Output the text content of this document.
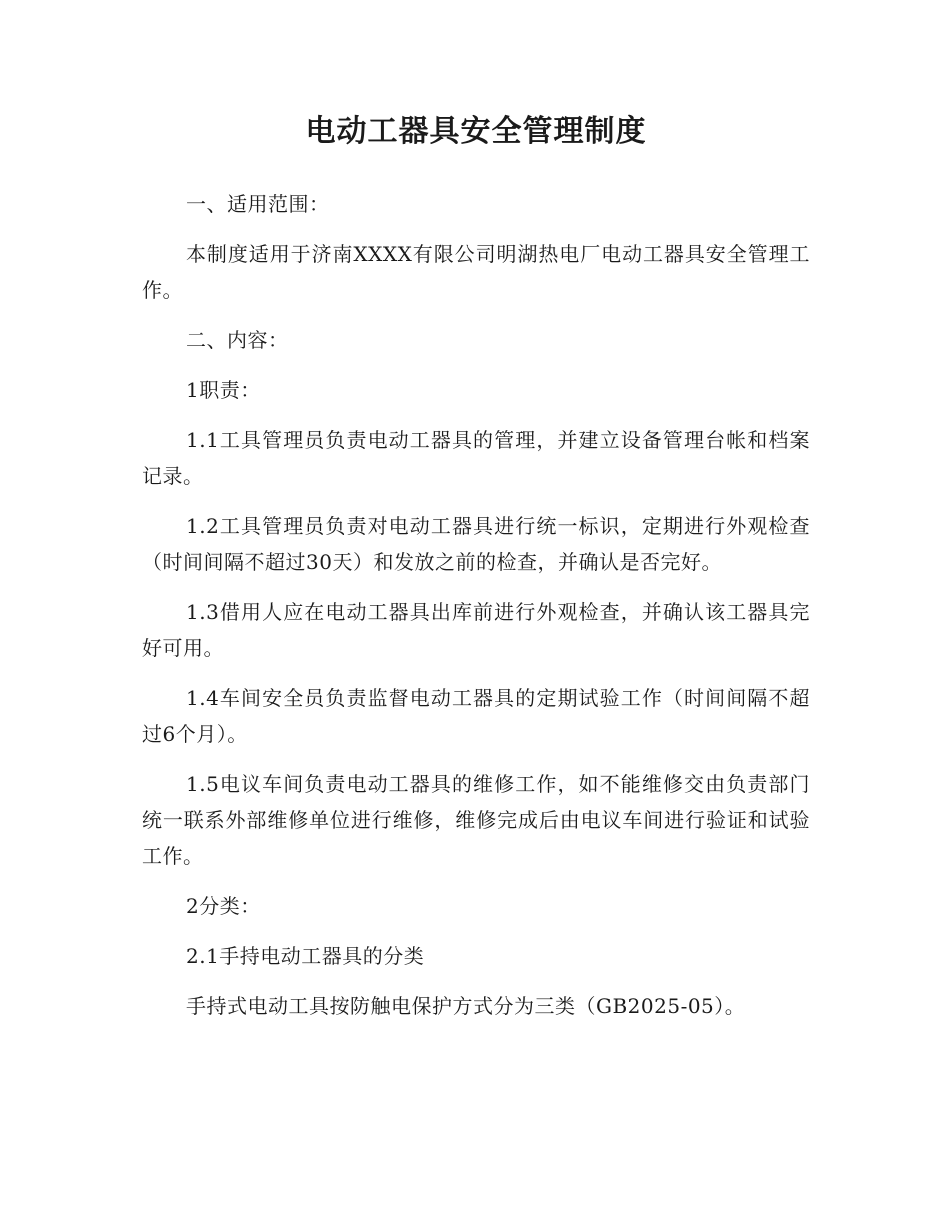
电动工器具安全管理制度

一、适用范围：

本制度适用于济南XXXX有限公司明湖热电厂电动工器具安全管理工作。

二、内容：

1职责：

1.1工具管理员负责电动工器具的管理，并建立设备管理台帐和档案记录。

1.2工具管理员负责对电动工器具进行统一标识，定期进行外观检查（时间间隔不超过30天）和发放之前的检查，并确认是否完好。

1.3借用人应在电动工器具出库前进行外观检查，并确认该工器具完好可用。

1.4车间安全员负责监督电动工器具的定期试验工作（时间间隔不超过6个月）。

1.5电议车间负责电动工器具的维修工作，如不能维修交由负责部门统一联系外部维修单位进行维修，维修完成后由电议车间进行验证和试验工作。

2分类：

2.1手持电动工器具的分类

手持式电动工具按防触电保护方式分为三类（GB2025-05）。
